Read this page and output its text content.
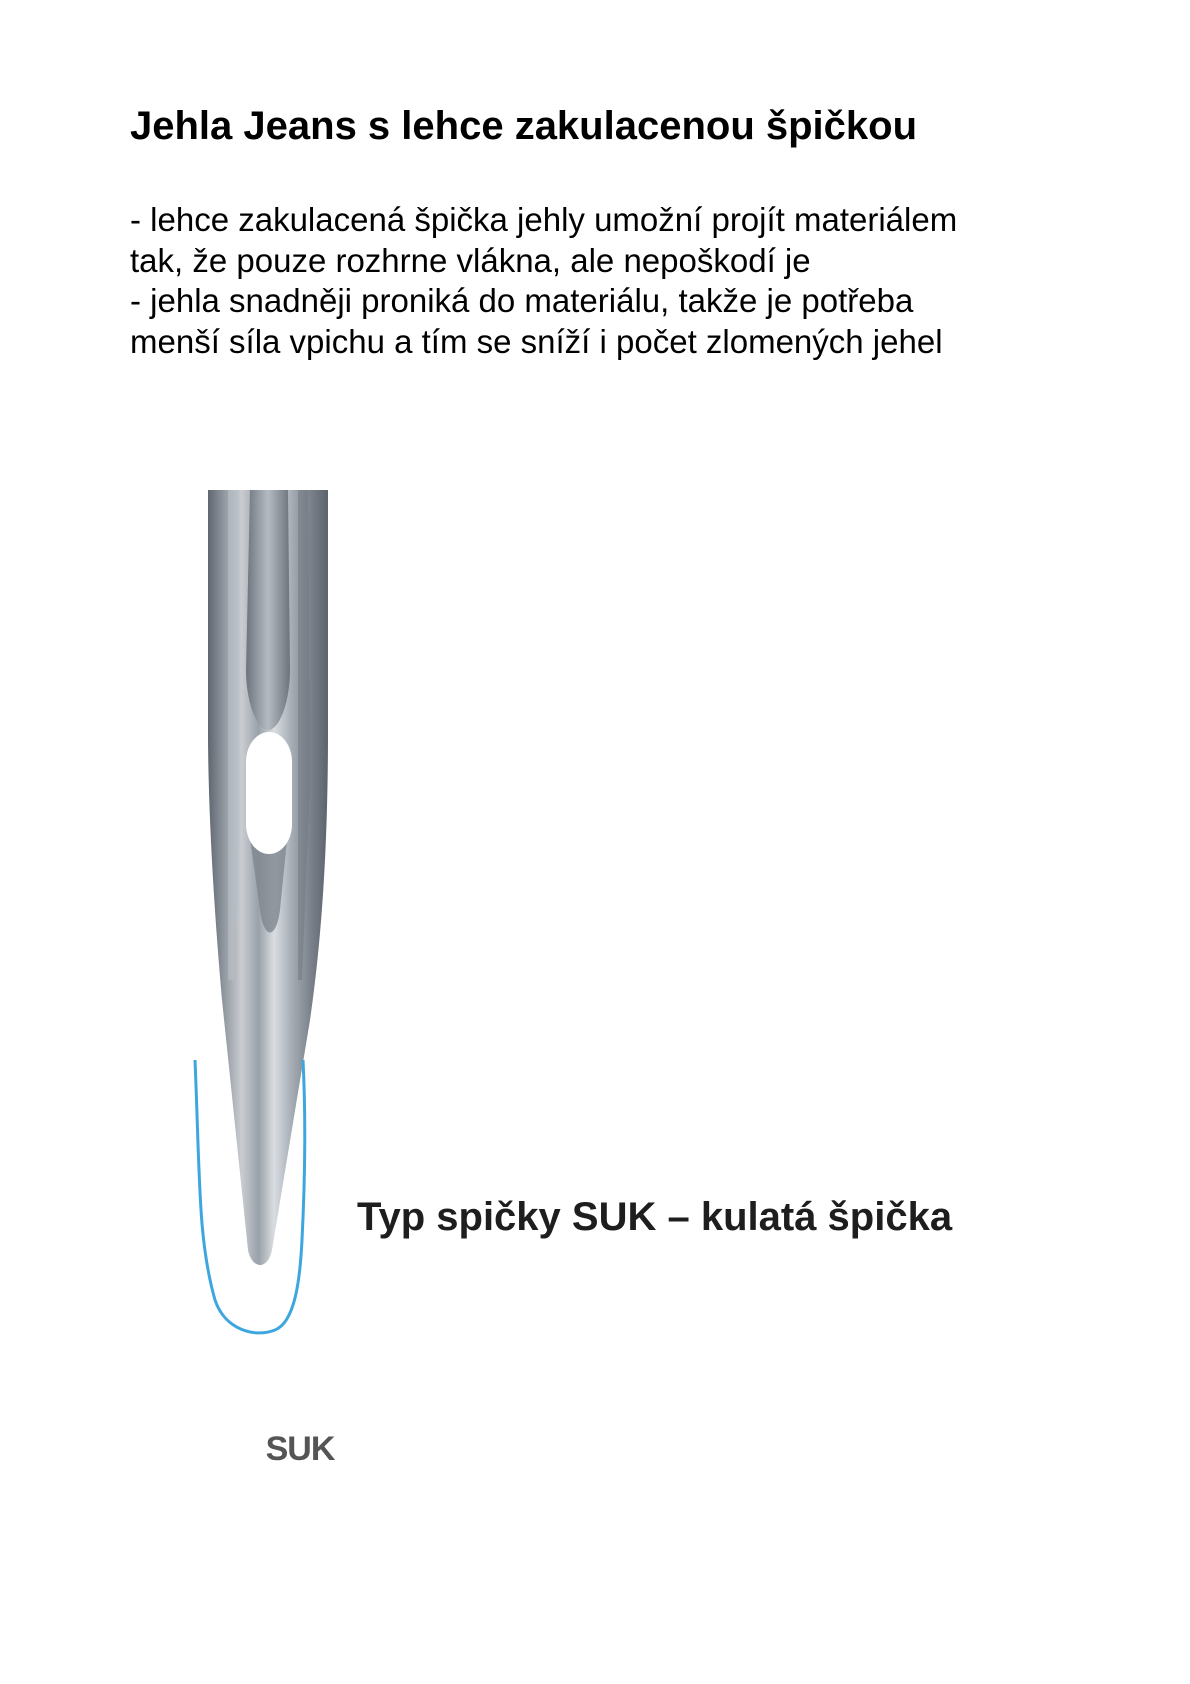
Jehla Jeans s lehce zakulacenou špičkou
- lehce zakulacená špička jehly umožní projít materiálem
tak, že pouze rozhrne vlákna, ale nepoškodí je
- jehla snadněji proniká do materiálu, takže je potřeba
menší síla vpichu a tím se sníží i počet zlomených jehel
SUK
Typ spičky SUK – kulatá špička
